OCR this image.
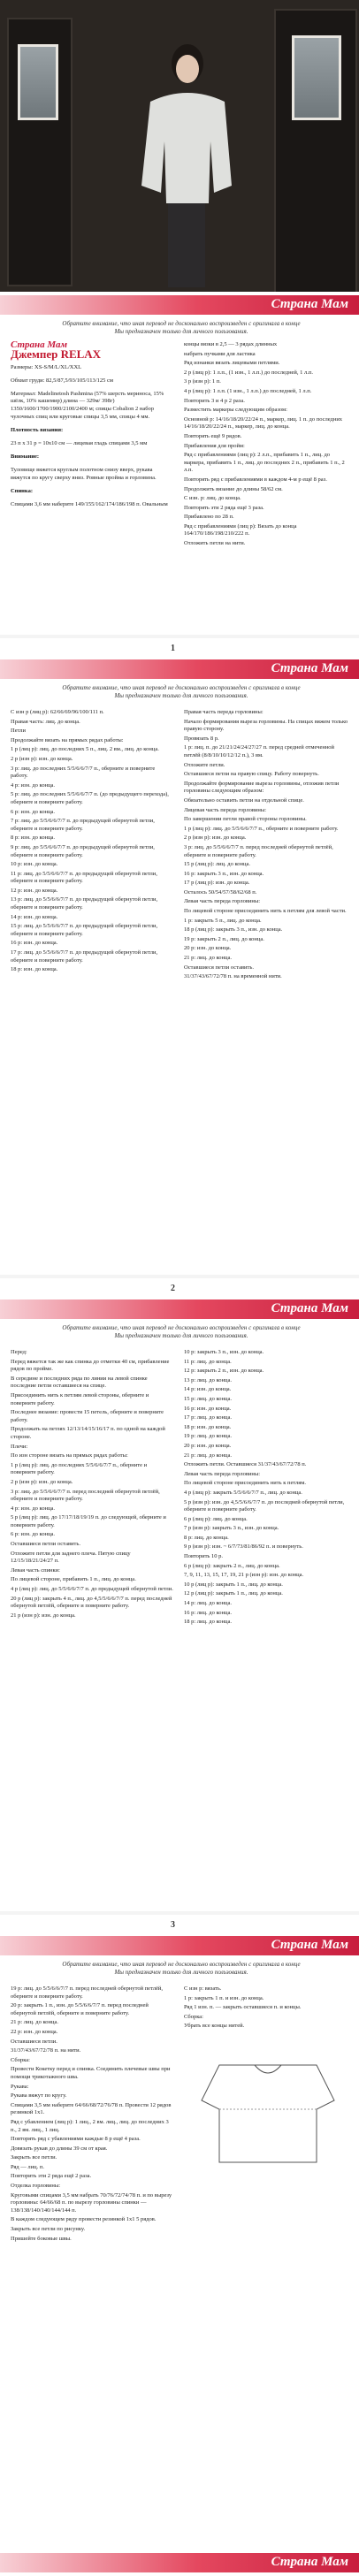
Страна Мам
Обратите внимание, что иная перевод не досконально воспроизведен с оригинала в конце Мы предназначен только для личного пользования.
Страна Мам
Джемпер RELAX

Размеры: XS-S/M/L/XL/XXL

Обхват груди: 82,5/87,5/93/105/113/125 см

Материал: Madelinetosh Pashmina (57% шерсть мериноса, 15% шёлк, 10% кашемир) длина — 329м/ 398г) 1350/1600/1700/1900/2100/2400 м; спицы Cobalion 2 набор чулочных спиц или круговые спицы 3,5 мм, спицы 4 мм.

Плотность вязания:

23 п х 31 р = 10х10 см — лицевая гладь спицами 3,5 мм

Внимание:

Туловище вяжется круглым полотном снизу вверх, рукава вяжутся по кругу сверху вниз. Ровные пройма и горловина.

Спинка:

Спицами 3,6 мм наберите 149/155/162/174/186/198 п. Овальным

концы вязки в 2,5 — 3 рядах длинных

набрать пучками для ластика

Ряд изнанки вязать лицевыми петлями.

2 р (лиц р): 1 л.п., (1 изн., 1 л.п.) до последней, 1 л.п.

3 р (изн р): 1 п.

4 р (лиц р): 1 л.п. (1 изн., 1 л.п.) до последней, 1 л.п.

Повторить 3 и 4 р 2 раза.

Разместить маркеры следующим образом:

Основной р: 14/16/18/20/22/24 п., маркер, лиц. 1 п. до последних 14/16/18/20/22/24 п., маркер, лиц. до конца.

Повторять ещё 9 рядов.

Прибавления для пройм:

Ряд с прибавлениями (лиц р): 2 л.п., прибавить 1 п., лиц. до маркера, прибавить 1 п., лиц. до последних 2 п., прибавить 1 п., 2 л.п.

Повторять ряд с прибавлениями в каждом 4-м р ещё 8 раз.

Продолжить вязание до длины 58/62 см.

С изн. р: лиц. до конца.

Повторять эти 2 ряда ещё 3 раза.

Прибавлено по 28 п.

Ряд с прибавлениями (лиц р): Вязать до конца 164/170/186/198/210/222 п.

Отложить петли на нити.

1
Страна Мам
Обратите внимание, что иная перевод не досконально воспроизведен с оригинала в конце Мы предназначен только для личного пользования.

С изн р (лиц р): 62/66/69/96/100/111 п.

Правая часть: лиц. до конца.

Петли

Продолжайте вязать на прямых рядах работы:

1 р (лиц р): лиц. до последних 5 п., лиц. 2 вм., лиц. до конца.

2 р (изн р): изн. до конца.

3 р: лиц. до последних 5/5/6/6/7/7 п., оберните и поверните работу.

4 р: изн. до конца.

5 р: лиц. до последних 5/5/6/6/7/7 п. (до предыдущего перехода), оберните и поверните работу.

6 р: изн. до конца.

7 р: лиц. до 5/5/6/6/7/7 п. до предыдущей обернутой петли, оберните и поверните работу.

8 р: изн. до конца.

9 р: лиц. до 5/5/6/6/7/7 п. до предыдущей обернутой петли, оберните и поверните работу.

10 р: изн. до конца.

11 р: лиц. до 5/5/6/6/7/7 п. до предыдущей обернутой петли, оберните и поверните работу.

12 р: изн. до конца.

13 р: лиц. до 5/5/6/6/7/7 п. до предыдущей обернутой петли, оберните и поверните работу.

14 р: изн. до конца.

15 р: лиц. до 5/5/6/6/7/7 п. до предыдущей обернутой петли, оберните и поверните работу.

16 р: изн. до конца.

17 р: лиц. до 5/5/6/6/7/7 п. до предыдущей обернутой петли, оберните и поверните работу.

18 р: изн. до конца.

Правая часть переда горловины:

Начало формирования выреза горловины. На спицах вяжем только правую сторону.

Провязать 8 р.

1 р: лиц. п. до 21/21/24/24/27/27 п. перед средней отмеченной петлёй (8/8/10/10/12/12 п.), 3 вм.

Отложите петли.

Оставшиеся петли на правую спицу. Работу повернуть.

Продолжайте формирование выреза горловины, отложив петли горловины следующим образом:

Обязательно оставить петли на отдельной спице.

Лицевая часть переда горловины:

По завершении петли правой стороны горловины.

1 р (лиц р): лиц. до 5/5/6/6/7/7 п., оберните и поверните работу.

2 р (изн р): изн. до конца.

3 р: лиц. до 5/5/6/6/7/7 п. перед последней обернутой петлёй, оберните и поверните работу.

15 р (лиц р): лиц. до конца.

16 р: закрыть 3 п., изн. до конца.

17 р (лиц р): изн. до конца.

Осталось 50/54/57/58/62/68 п.

Левая часть переда горловины:

По лицевой стороне присоединить нить к петлям для левой части.

1 р: закрыть 5 п., лиц. до конца.

18 р (лиц р): закрыть 3 п., изн. до конца.

19 р: закрыть 2 п., лиц. до конца.

20 р: изн. до конца.

21 р: лиц. до конца.

Оставшиеся петли оставить.

31/37/43/67/72/78 п. на временной нити.

2
Страна Мам
Обратите внимание, что иная перевод не досконально воспроизведен с оригинала в конце Мы предназначен только для личного пользования.

Перед:

Перед вяжется так же как спинка до отметки 40 см, прибавление рядов по пройме.

В середине и последних ряда по линии на левой спинке последние петли оставшиеся на спице.

Присоединить нить к петлям левой стороны, оберните и поверните работу.

Последнее вязание: провести 15 петель, оберните и поверните работу.

Продолжать на петлях 12/13/14/15/16/17 п. по одной на каждой стороне.

Плечи:

По изн стороне вязать на прямых рядах работы:

1 р (лиц р): лиц. до последних 5/5/6/6/7/7 п., оберните и поверните работу.

2 р (изн р): изн. до конца.

3 р: лиц. до 5/5/6/6/7/7 п. перед последней обернутой петлёй, оберните и поверните работу.

4 р: изн. до конца.

5 р (лиц р): лиц. до 17/17/18/19/19 п. до следующей, оберните и поверните работу.

6 р: изн. до конца.

Оставшиеся петли оставить.

Отложите петли для заднего плеча. Пятую спицу 12/15/18/21/24/27 п.

Левая часть спинки:

По лицевой стороне, прибавить 1 п., лиц. до конца.

4 р (лиц р): лиц. до 5/5/6/6/7/7 п. до предыдущей обернутой петли.

20 р (лиц р): закрыть 4 п., лиц. до 4,5/5/6/6/7/7 п. перед последней обернутой петлёй, оберните и поверните работу.

21 р (изн р): изн. до конца.

10 р: закрыть 3 п., изн. до конца.

11 р: лиц. до конца.

12 р: закрыть 2 п., изн. до конца.

13 р: лиц. до конца.

14 р: изн. до конца.

15 р: лиц. до конца.

16 р: изн. до конца.

17 р: лиц. до конца.

18 р: изн. до конца.

19 р: лиц. до конца.

20 р: изн. до конца.

21 р: лиц. до конца.

Отложить петли. Оставшиеся 31/37/43/67/72/78 п.

Левая часть переда горловины:

По лицевой стороне присоединить нить к петлям.

4 р (лиц р): закрыть 5/5/6/6/7/7 п., лиц. до конца.

5 р (изн р): изн. до 4,5/5/6/6/7/7 п. до последней обернутой петли, оберните и поверните работу.

6 р (лиц р): лиц. до конца.

7 р (изн р): закрыть 3 п., изн. до конца.

8 р: лиц. до конца.

9 р (изн р): изн. ~ 6/7/73/81/86/92 п. и повернуть.

Повторить 10 р.

6 р (лиц р): закрыть 2 п., лиц. до конца.

7, 9, 11, 13, 15, 17, 19, 21 р (изн р): изн. до конца.

10 р (лиц р): закрыть 1 п., лиц. до конца.

12 р (лиц р): закрыть 1 п., лиц. до конца.

14 р: лиц. до конца.

16 р: лиц. до конца.

18 р: лиц. до конца.

3
Страна Мам
Обратите внимание, что иная перевод не досконально воспроизведен с оригинала в конце Мы предназначен только для личного пользования.

19 р: лиц. до 5/5/6/6/7/7 п. перед последней обернутой петлёй, оберните и поверните работу.

20 р: закрыть 1 п., изн. до 5/5/6/6/7/7 п. перед последней обернутой петлёй, оберните и поверните работу.

21 р: лиц. до конца.

22 р: изн. до конца.

Оставшиеся петли.

31/37/43/67/72/78 п. на нити.

Сборка:

Провести Кокетку перед и спинка. Соединить плечевые швы при помощи трикотажного шва.

Рукава:

Рукава вяжут по кругу.

Спицами 3,5 мм наберите 64/66/68/72/76/78 п. Провести 12 рядов резинкой 1х1.

Ряд с убавлением (лиц р): 1 лиц., 2 вм. лиц., лиц. до последних 3 п., 2 вм. лиц., 1 лиц.

Повторять ряд с убавлениями каждые 8 р ещё 4 раза.

Довязать рукав до длины 39 см от края.

Закрыть все петли.

Ряд — лиц. п.

Повторить эти 2 ряда ещё 2 раза.

Отделка горловины:

Круговыми спицами 3,5 мм набрать 70/76/72/74/78 п. и по вырезу горловины: 64/66/68 п. по вырезу горловины спинки — 138/138/140/140/144/144 п.

В каждом следующем ряду провести резинкой 1х1 5 рядов.

Закрыть все петли по рисунку.

Пришейте боковые швы.

С изн р: вязать.

1 р: закрыть 1 п. и изн. до конца.

Ряд 1 изн. п. — закрыть оставшиеся п. и концы.

Сборка:

Убрать все концы нитей.

Страна Мам
